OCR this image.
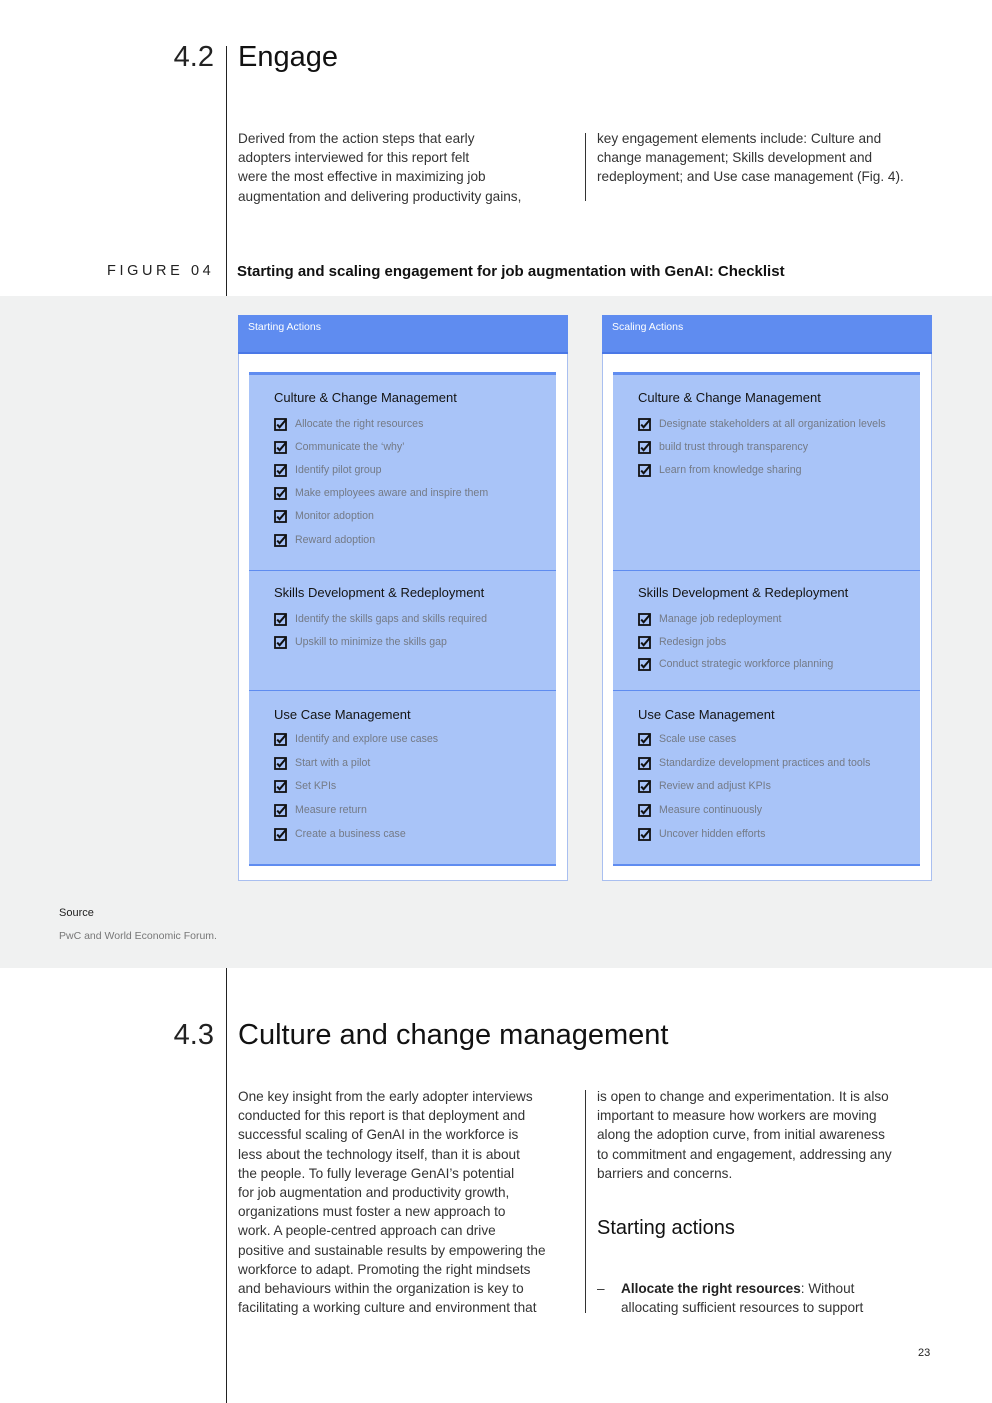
4.2 Engage
Derived from the action steps that early
adopters interviewed for this report felt
were the most effective in maximizing job
augmentation and delivering productivity gains,
key engagement elements include: Culture and
change management; Skills development and
redeployment; and Use case management (Fig. 4).
FIGURE 04 Starting and scaling engagement for job augmentation with GenAI: Checklist
Starting Actions
Culture & Change Management
Allocate the right resources
Communicate the ‘why’
Identify pilot group
Make employees aware and inspire them
Monitor adoption
Reward adoption
Skills Development & Redeployment
Identify the skills gaps and skills required
Upskill to minimize the skills gap
Use Case Management
Identify and explore use cases
Start with a pilot
Set KPIs
Measure return
Create a business case
Scaling Actions
Culture & Change Management
Designate stakeholders at all organization levels
build trust through transparency
Learn from knowledge sharing
Skills Development & Redeployment
Manage job redeployment
Redesign jobs
Conduct strategic workforce planning
Use Case Management
Scale use cases
Standardize development practices and tools
Review and adjust KPIs
Measure continuously
Uncover hidden efforts
Source
PwC and World Economic Forum.
4.3 Culture and change management
One key insight from the early adopter interviews
conducted for this report is that deployment and
successful scaling of GenAI in the workforce is
less about the technology itself, than it is about
the people. To fully leverage GenAI’s potential
for job augmentation and productivity growth,
organizations must foster a new approach to
work. A people-centred approach can drive
positive and sustainable results by empowering the
workforce to adapt. Promoting the right mindsets
and behaviours within the organization is key to
facilitating a working culture and environment that
is open to change and experimentation. It is also
important to measure how workers are moving
along the adoption curve, from initial awareness
to commitment and engagement, addressing any
barriers and concerns.
Starting actions
– Allocate the right resources: Without
allocating sufficient resources to support
23
